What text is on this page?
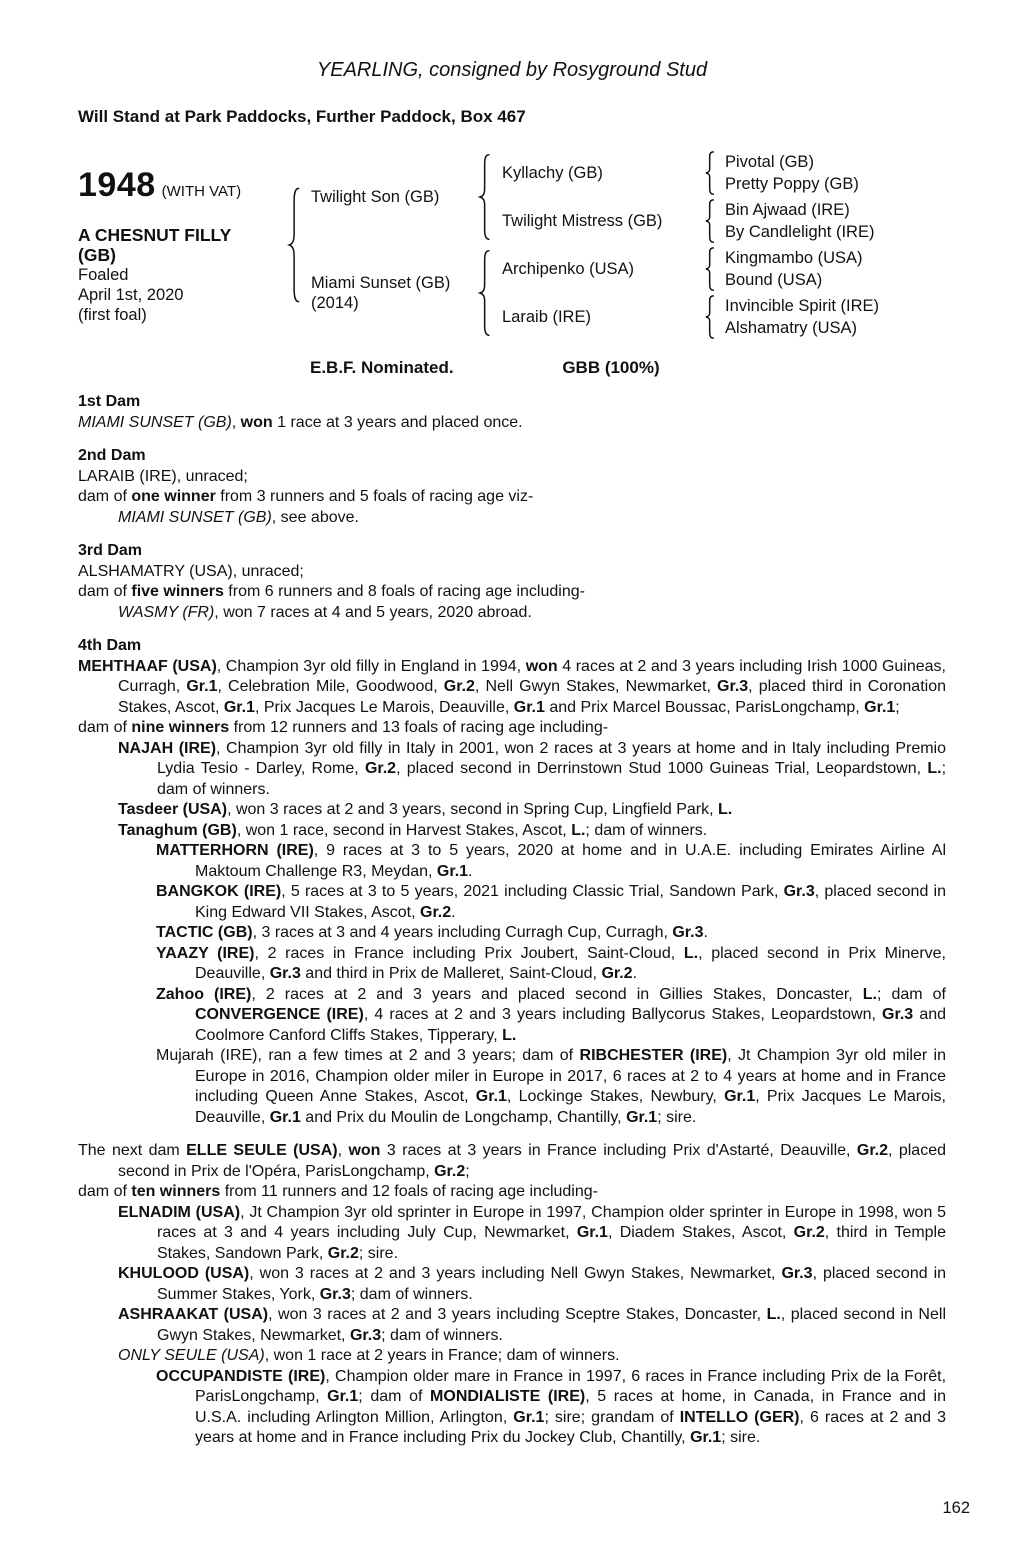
YEARLING, consigned by Rosyground Stud

Will Stand at Park Paddocks, Further Paddock, Box 467

1948 (WITH VAT)
A CHESNUT FILLY
(GB)
Foaled
April 1st, 2020
(first foal)
Twilight Son (GB)
Kyllachy (GB)
Pivotal (GB)
Pretty Poppy (GB)
Twilight Mistress (GB)
Bin Ajwaad (IRE)
By Candlelight (IRE)
Miami Sunset (GB)
(2014)
Archipenko (USA)
Kingmambo (USA)
Bound (USA)
Laraib (IRE)
Invincible Spirit (IRE)
Alshamatry (USA)
E.B.F. Nominated.	GBB (100%)

1st Dam

MIAMI SUNSET (GB), won 1 race at 3 years and placed once.

2nd Dam

LARAIB (IRE), unraced;

dam of one winner from 3 runners and 5 foals of racing age viz-

MIAMI SUNSET (GB), see above.

3rd Dam

ALSHAMATRY (USA), unraced;

dam of five winners from 6 runners and 8 foals of racing age including-

WASMY (FR), won 7 races at 4 and 5 years, 2020 abroad.

4th Dam

MEHTHAAF (USA), Champion 3yr old filly in England in 1994, won 4 races at 2 and 3 years including Irish 1000 Guineas, Curragh, Gr.1, Celebration Mile, Goodwood, Gr.2, Nell Gwyn Stakes, Newmarket, Gr.3, placed third in Coronation Stakes, Ascot, Gr.1, Prix Jacques Le Marois, Deauville, Gr.1 and Prix Marcel Boussac, ParisLongchamp, Gr.1;

dam of nine winners from 12 runners and 13 foals of racing age including-

NAJAH (IRE), Champion 3yr old filly in Italy in 2001, won 2 races at 3 years at home and in Italy including Premio Lydia Tesio - Darley, Rome, Gr.2, placed second in Derrinstown Stud 1000 Guineas Trial, Leopardstown, L.; dam of winners.

Tasdeer (USA), won 3 races at 2 and 3 years, second in Spring Cup, Lingfield Park, L.

Tanaghum (GB), won 1 race, second in Harvest Stakes, Ascot, L.; dam of winners.

MATTERHORN (IRE), 9 races at 3 to 5 years, 2020 at home and in U.A.E. including Emirates Airline Al Maktoum Challenge R3, Meydan, Gr.1.

BANGKOK (IRE), 5 races at 3 to 5 years, 2021 including Classic Trial, Sandown Park, Gr.3, placed second in King Edward VII Stakes, Ascot, Gr.2.

TACTIC (GB), 3 races at 3 and 4 years including Curragh Cup, Curragh, Gr.3.

YAAZY (IRE), 2 races in France including Prix Joubert, Saint-Cloud, L., placed second in Prix Minerve, Deauville, Gr.3 and third in Prix de Malleret, Saint-Cloud, Gr.2.

Zahoo (IRE), 2 races at 2 and 3 years and placed second in Gillies Stakes, Doncaster, L.; dam of CONVERGENCE (IRE), 4 races at 2 and 3 years including Ballycorus Stakes, Leopardstown, Gr.3 and Coolmore Canford Cliffs Stakes, Tipperary, L.

Mujarah (IRE), ran a few times at 2 and 3 years; dam of RIBCHESTER (IRE), Jt Champion 3yr old miler in Europe in 2016, Champion older miler in Europe in 2017, 6 races at 2 to 4 years at home and in France including Queen Anne Stakes, Ascot, Gr.1, Lockinge Stakes, Newbury, Gr.1, Prix Jacques Le Marois, Deauville, Gr.1 and Prix du Moulin de Longchamp, Chantilly, Gr.1; sire.

The next dam ELLE SEULE (USA), won 3 races at 3 years in France including Prix d'Astarté, Deauville, Gr.2, placed second in Prix de l'Opéra, ParisLongchamp, Gr.2;

dam of ten winners from 11 runners and 12 foals of racing age including-

ELNADIM (USA), Jt Champion 3yr old sprinter in Europe in 1997, Champion older sprinter in Europe in 1998, won 5 races at 3 and 4 years including July Cup, Newmarket, Gr.1, Diadem Stakes, Ascot, Gr.2, third in Temple Stakes, Sandown Park, Gr.2; sire.

KHULOOD (USA), won 3 races at 2 and 3 years including Nell Gwyn Stakes, Newmarket, Gr.3, placed second in Summer Stakes, York, Gr.3; dam of winners.

ASHRAAKAT (USA), won 3 races at 2 and 3 years including Sceptre Stakes, Doncaster, L., placed second in Nell Gwyn Stakes, Newmarket, Gr.3; dam of winners.

ONLY SEULE (USA), won 1 race at 2 years in France; dam of winners.

OCCUPANDISTE (IRE), Champion older mare in France in 1997, 6 races in France including Prix de la Forêt, ParisLongchamp, Gr.1; dam of MONDIALISTE (IRE), 5 races at home, in Canada, in France and in U.S.A. including Arlington Million, Arlington, Gr.1; sire; grandam of INTELLO (GER), 6 races at 2 and 3 years at home and in France including Prix du Jockey Club, Chantilly, Gr.1; sire.

162
